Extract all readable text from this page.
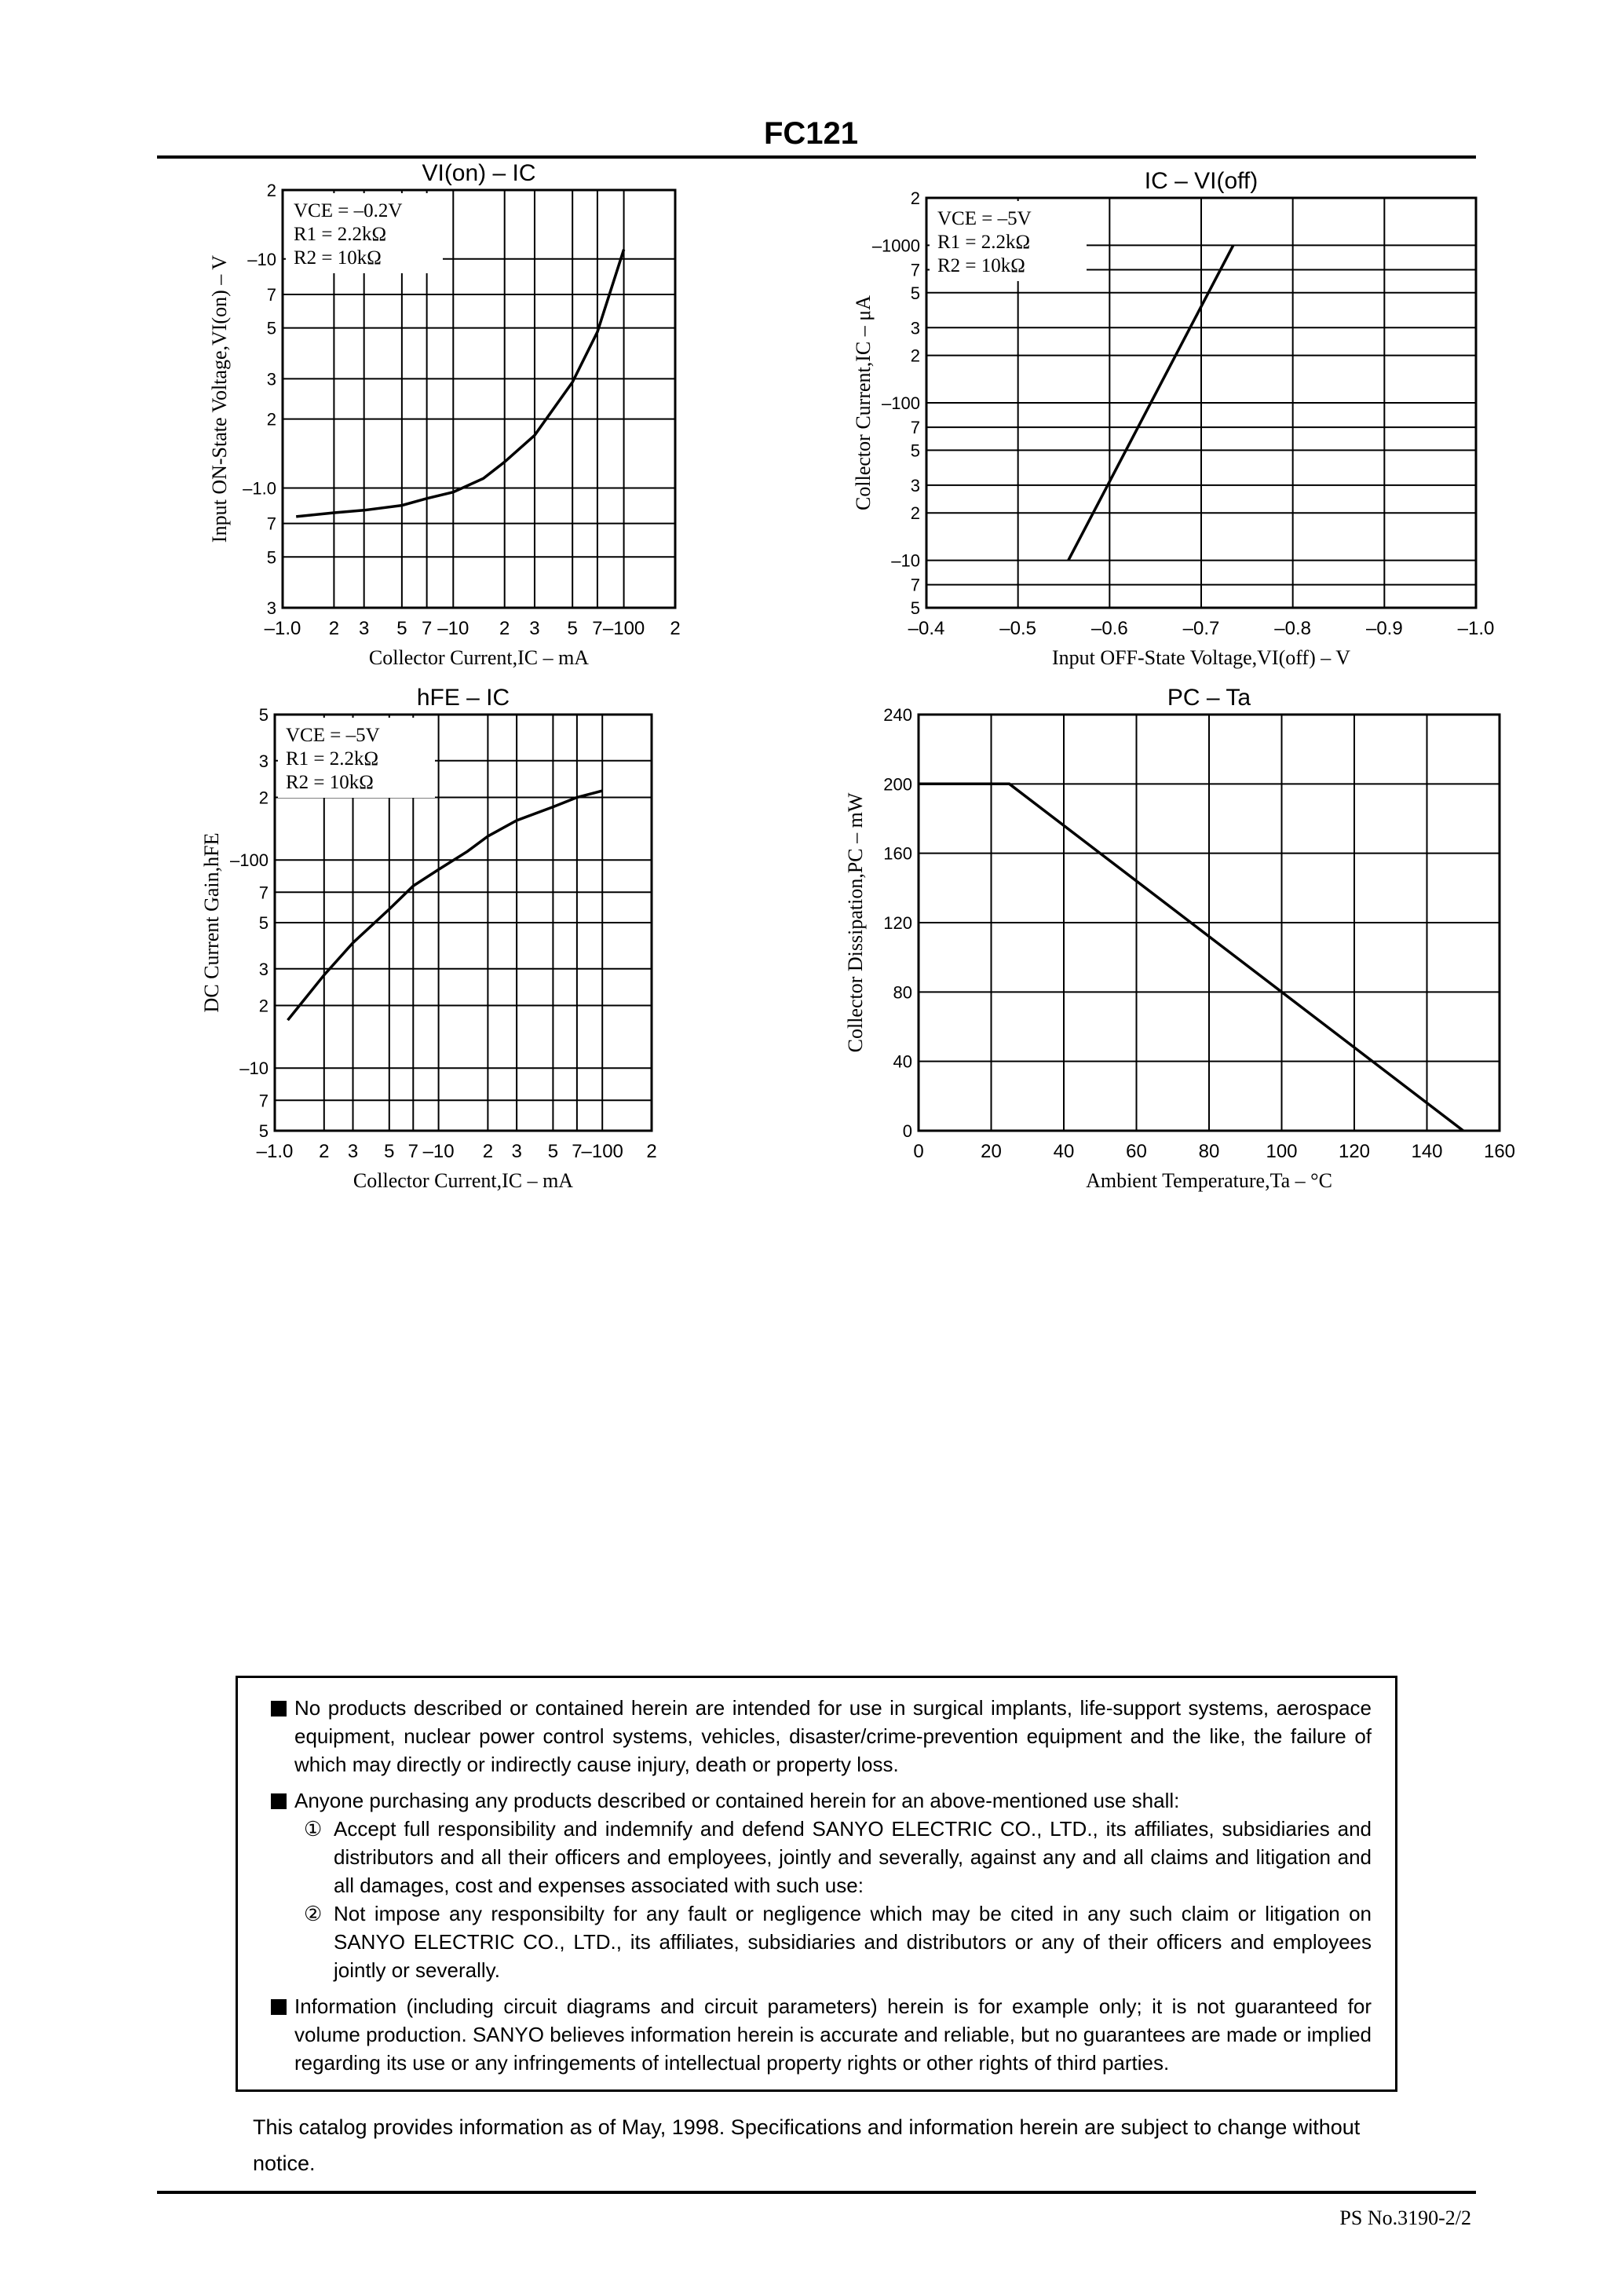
FC121
–1.0 2 3 5 7 –10 2 3 5 7 –100 2
2
–10
7
5
3
2
–1.0
7
5
3
VCE = –0.2V
R1 = 2.2kΩ
R2 = 10kΩ
VI(on) – IC
Collector Current,IC – mA
Input ON-State Voltage,VI(on) – V
–0.4	–0.5	–0.6	–0.7	–0.8	–0.9	–1.0
2
–1000
7
5
3
2
–100
7
5
3
2
–10
7
5
VCE = –5V
R1 = 2.2kΩ
R2 = 10kΩ
IC – VI(off)
Input OFF-State Voltage,VI(off) – V
Collector Current,IC – μA
–1.0 2 3 5 7 –10 2 3 5 7
–100 2
5
3
2
–100
7
5
3
2
–10
7
5
VCE = –5V
R1 = 2.2kΩ
R2 = 10kΩ
hFE – IC
Collector Current,IC – mA
DC Current Gain,hFE
0	20	40	60	80 100 120 140 160
240
200
160
120
80
40
0
PC – Ta
Ambient Temperature,Ta – °C
Collector Dissipation,PC – mW
No products described or contained herein are intended for use in surgical implants, life-support systems, aerospace equipment, nuclear power control systems, vehicles, disaster/crime-prevention equipment and the like, the failure of which may directly or indirectly cause injury, death or property loss.
Anyone purchasing any products described or contained herein for an above-mentioned use shall:
① Accept full responsibility and indemnify and defend SANYO ELECTRIC CO., LTD., its affiliates, subsidiaries and distributors and all their officers and employees, jointly and severally, against any and all claims and litigation and all damages, cost and expenses associated with such use:
② Not impose any responsibilty for any fault or negligence which may be cited in any such claim or litigation on SANYO ELECTRIC CO., LTD., its affiliates, subsidiaries and distributors or any of their officers and employees jointly or severally.
Information (including circuit diagrams and circuit parameters) herein is for example only; it is not guaranteed for volume production. SANYO believes information herein is accurate and reliable, but no guarantees are made or implied regarding its use or any infringements of intellectual property rights or other rights of third parties.
This catalog provides information as of May, 1998. Specifications and information herein are subject to change without notice.
PS No.3190-2/2
